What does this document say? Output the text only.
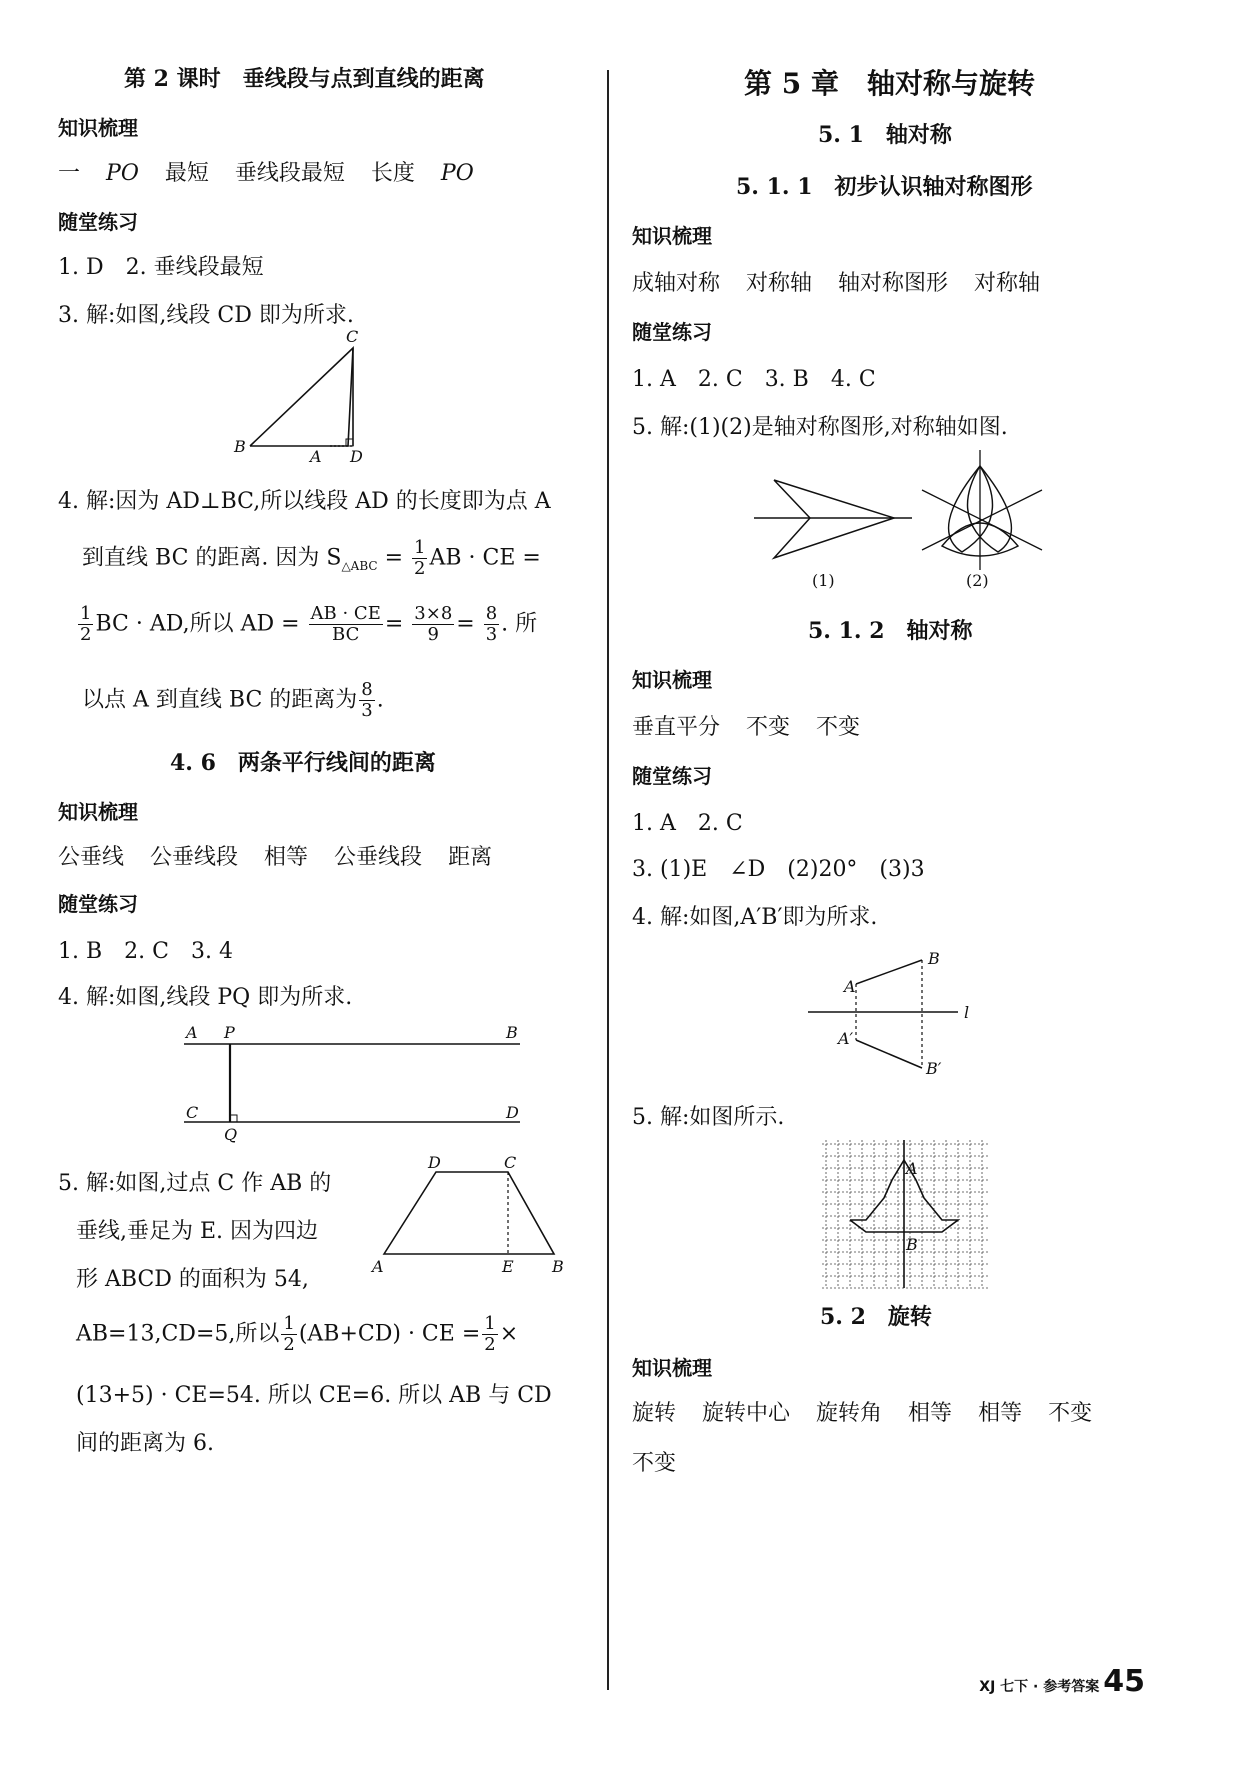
第 2 课时　垂线段与点到直线的距离
知识梳理
一 PO 最短 垂线段最短 长度 PO
随堂练习
1. D　2. 垂线段最短
3. 解:如图,线段 CD 即为所求.
C
B
A D
4. 解:因为 AD⊥BC,所以线段 AD 的长度即为点 A
到直线 BC 的距离. 因为 $S_{\triangle ABC} = \frac{1}{2}$ AB · CE =
$\frac{1}{2}$ BC · AD,所以 AD = $\frac{AB \cdot CE}{BC} = \frac{3\times 8}{9} = \frac{8}{3}$ . 所
以点 A 到直线 BC 的距离为 $\frac{8}{3}$ .
4. 6　两条平行线间的距离
知识梳理
公垂线 公垂线段 相等 公垂线段 距离
随堂练习
1. B　2. C　3. 4
4. 解:如图,线段 PQ 即为所求.
A P	B
C
Q
D
5. 解:如图,过点 C 作 AB 的
垂线,垂足为 E. 因为四边
形 ABCD 的面积为 54,
D	C
A	E B
AB=13,CD=5,所以 $\frac{1}{2} (AB+CD)$ · CE = $\frac{1}{2}$ ×
(13+5) · CE=54. 所以 CE=6. 所以 AB 与 CD
间的距离为 6.
第 5 章　轴对称与旋转
5. 1　轴对称
5. 1. 1　初步认识轴对称图形
知识梳理
成轴对称 对称轴 轴对称图形 对称轴
随堂练习
1. A　2. C　3. B　4. C
5. 解:(1)(2)是轴对称图形,对称轴如图.
(1)	(2)
5. 1. 2　轴对称
知识梳理
垂直平分 不变 不变
随堂练习
1. A　2. C
3. (1)E　∠D　(2)20°　(3)3
4. 解:如图,A′B′即为所求.
A
B
l
A′
B′
5. 解:如图所示.
A
B
5. 2　旋转
知识梳理
旋转 旋转中心 旋转角 相等 相等 不变
不变
XJ 七下 · 参考答案 45
